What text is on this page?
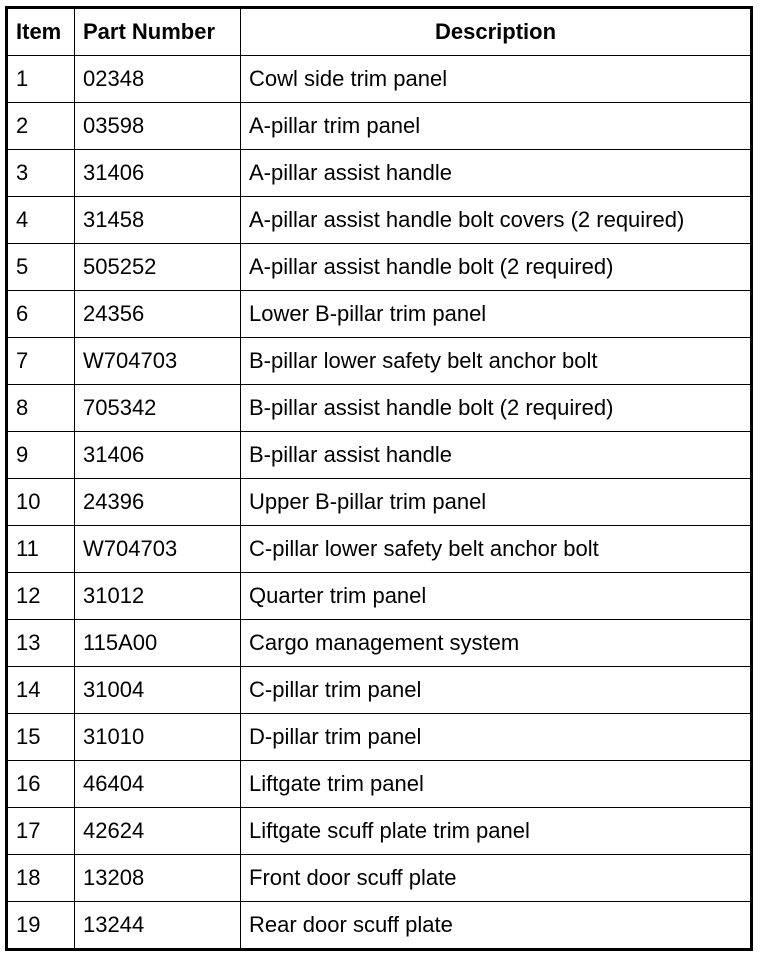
Item	Part Number	Description
1	02348	Cowl side trim panel
2	03598	A-pillar trim panel
3	31406	A-pillar assist handle
4	31458	A-pillar assist handle bolt covers (2 required)
5	505252	A-pillar assist handle bolt (2 required)
6	24356	Lower B-pillar trim panel
7	W704703	B-pillar lower safety belt anchor bolt
8	705342	B-pillar assist handle bolt (2 required)
9	31406	B-pillar assist handle
10	24396	Upper B-pillar trim panel
11	W704703	C-pillar lower safety belt anchor bolt
12	31012	Quarter trim panel
13	115A00	Cargo management system
14	31004	C-pillar trim panel
15	31010	D-pillar trim panel
16	46404	Liftgate trim panel
17	42624	Liftgate scuff plate trim panel
18	13208	Front door scuff plate
19	13244	Rear door scuff plate
